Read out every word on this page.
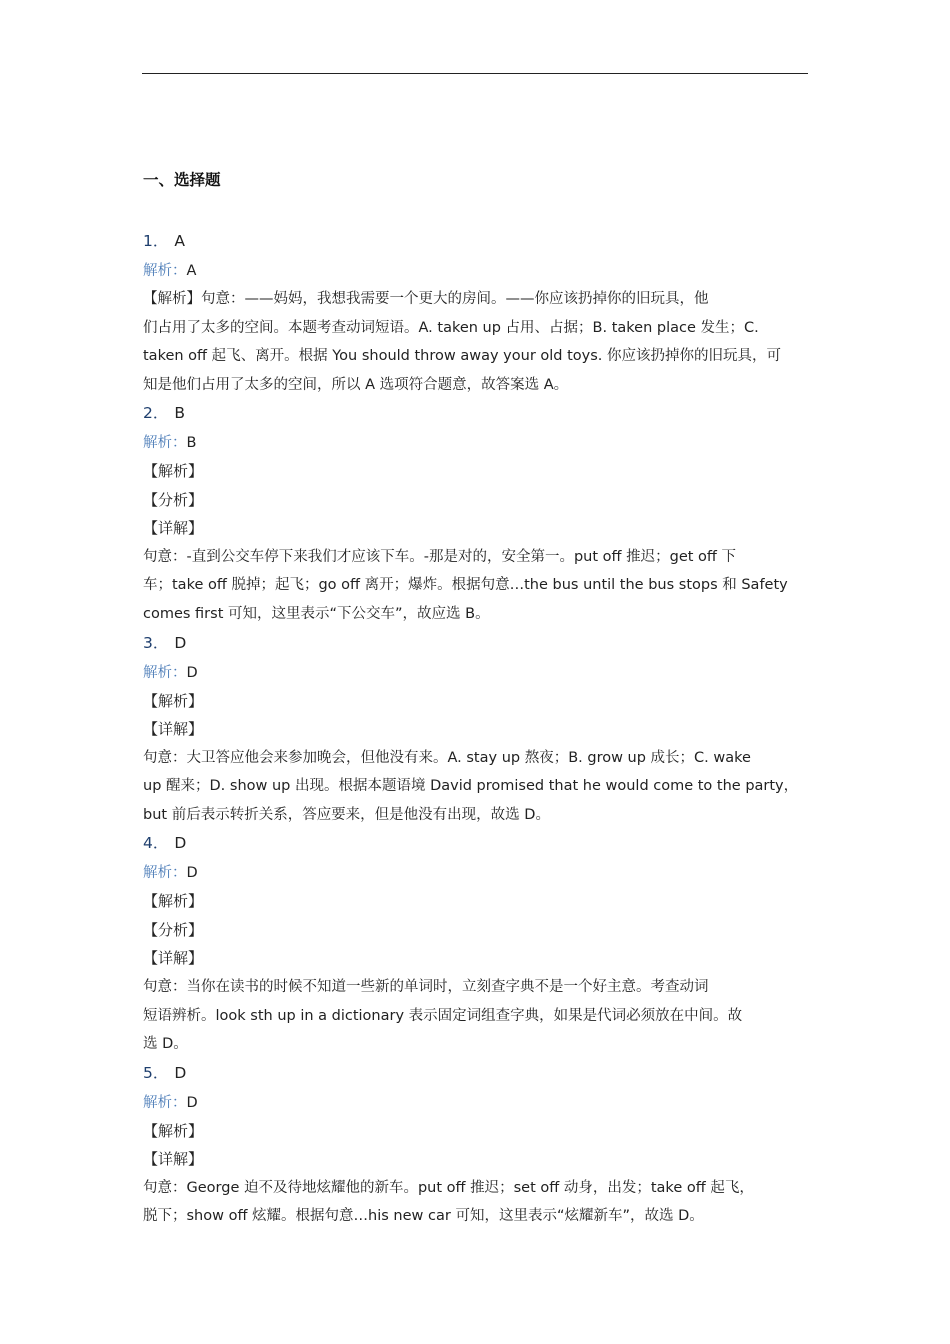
一、选择题
1． A
解析：A
【解析】句意：——妈妈，我想我需要一个更大的房间。——你应该扔掉你的旧玩具，他
们占用了太多的空间。本题考查动词短语。A. taken up 占用、占据；B. taken place 发生；C.
taken off 起飞、离开。根据 You should throw away your old toys. 你应该扔掉你的旧玩具，可
知是他们占用了太多的空间，所以 A 选项符合题意，故答案选 A。
2． B
解析：B
【解析】
【分析】
【详解】
句意：-直到公交车停下来我们才应该下车。-那是对的，安全第一。put off 推迟；get off 下
车；take off 脱掉；起飞；go off 离开；爆炸。根据句意…the bus until the bus stops 和 Safety
comes first 可知，这里表示“下公交车”，故应选 B。
3． D
解析：D
【解析】
【详解】
句意：大卫答应他会来参加晚会，但他没有来。A. stay up 熬夜；B. grow up 成长；C. wake
up 醒来；D. show up 出现。根据本题语境 David promised that he would come to the party，
but 前后表示转折关系，答应要来，但是他没有出现，故选 D。
4． D
解析：D
【解析】
【分析】
【详解】
句意：当你在读书的时候不知道一些新的单词时，立刻查字典不是一个好主意。考查动词
短语辨析。look sth up in a dictionary 表示固定词组查字典，如果是代词必须放在中间。故
选 D。
5． D
解析：D
【解析】
【详解】
句意：George 迫不及待地炫耀他的新车。put off 推迟；set off 动身，出发；take off 起飞，
脱下；show off 炫耀。根据句意…his new car 可知，这里表示“炫耀新车”，故选 D。
